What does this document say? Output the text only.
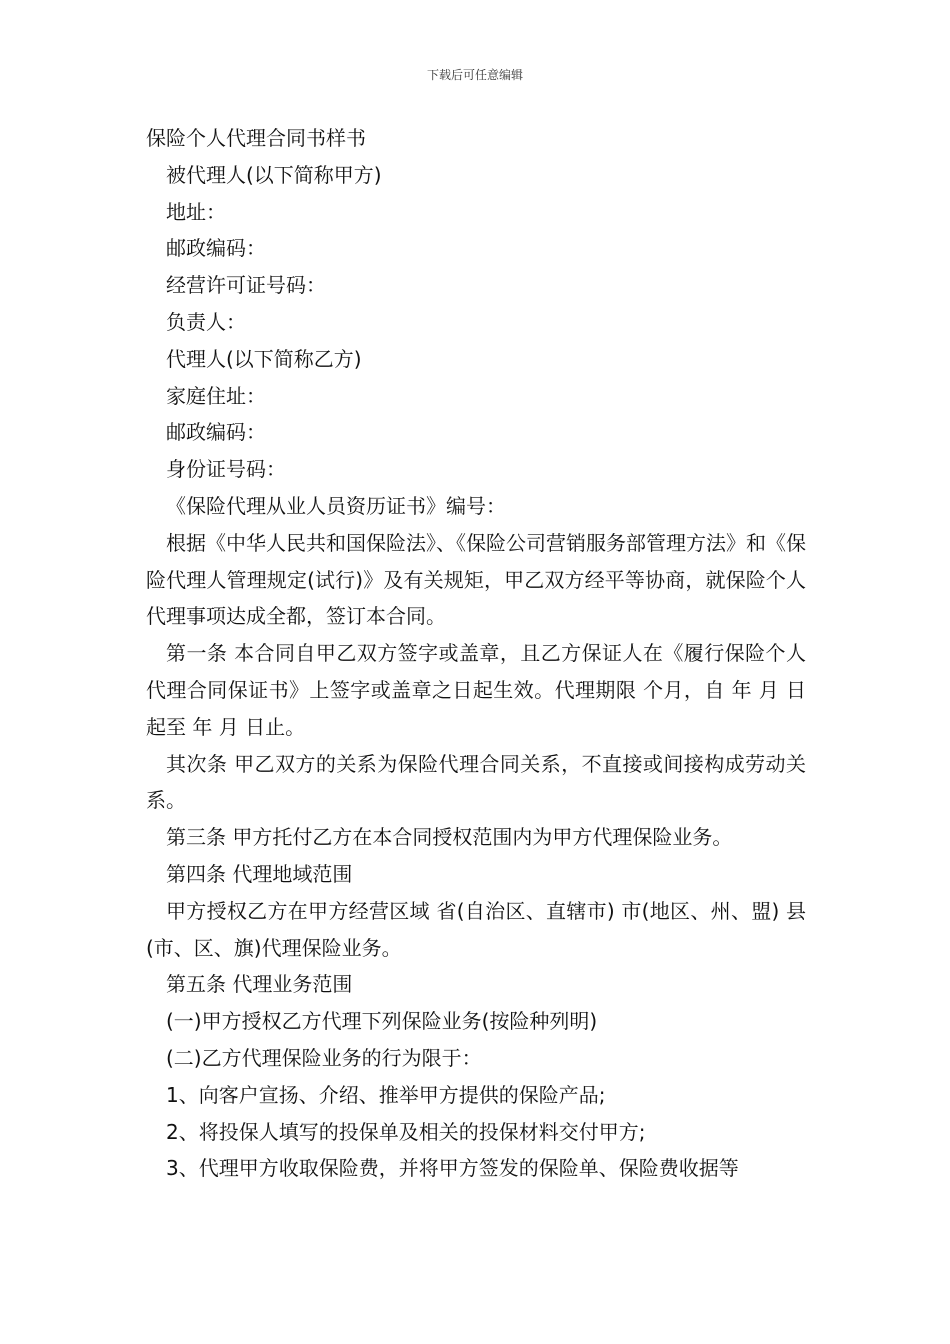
下载后可任意编辑

保险个人代理合同书样书

被代理人(以下简称甲方)

地址：

邮政编码：

经营许可证号码：

负责人：

代理人(以下简称乙方)

家庭住址：

邮政编码：

身份证号码：

《保险代理从业人员资历证书》编号：

根据《中华人民共和国保险法》、《保险公司营销服务部管理方法》和《保险代理人管理规定(试行)》及有关规矩，甲乙双方经平等协商，就保险个人代理事项达成全都，签订本合同。

第一条 本合同自甲乙双方签字或盖章，且乙方保证人在《履行保险个人代理合同保证书》上签字或盖章之日起生效。代理期限 个月，自 年 月 日起至 年 月 日止。

其次条 甲乙双方的关系为保险代理合同关系，不直接或间接构成劳动关系。

第三条 甲方托付乙方在本合同授权范围内为甲方代理保险业务。

第四条 代理地域范围

甲方授权乙方在甲方经营区域 省(自治区、直辖市) 市(地区、州、盟) 县(市、区、旗)代理保险业务。

第五条 代理业务范围

(一)甲方授权乙方代理下列保险业务(按险种列明)

(二)乙方代理保险业务的行为限于：

1、向客户宣扬、介绍、推举甲方提供的保险产品;

2、将投保人填写的投保单及相关的投保材料交付甲方;

3、代理甲方收取保险费，并将甲方签发的保险单、保险费收据等
